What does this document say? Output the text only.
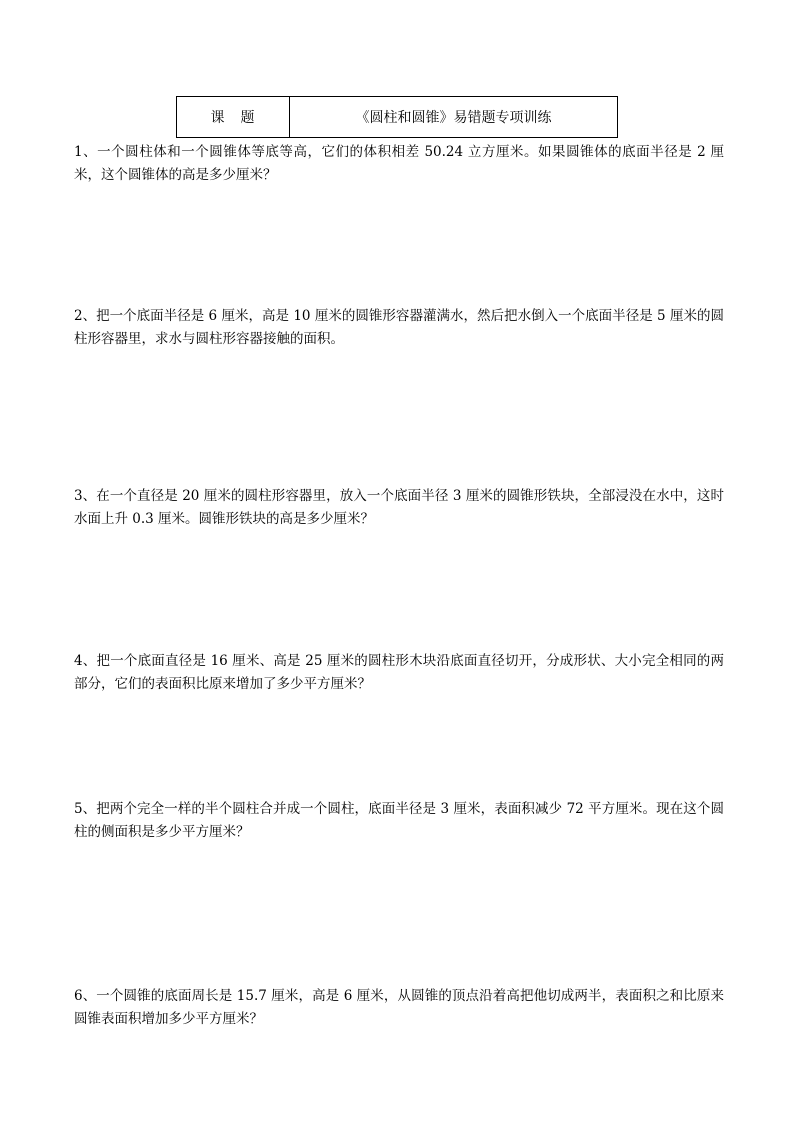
课　题	《圆柱和圆锥》易错题专项训练

1、一个圆柱体和一个圆锥体等底等高，它们的体积相差 50.24 立方厘米。如果圆锥体的底面半径是 2 厘米，这个圆锥体的高是多少厘米？

2、把一个底面半径是 6 厘米，高是 10 厘米的圆锥形容器灌满水，然后把水倒入一个底面半径是 5 厘米的圆柱形容器里，求水与圆柱形容器接触的面积。

3、在一个直径是 20 厘米的圆柱形容器里，放入一个底面半径 3 厘米的圆锥形铁块，全部浸没在水中，这时水面上升 0.3 厘米。圆锥形铁块的高是多少厘米？

4、把一个底面直径是 16 厘米、高是 25 厘米的圆柱形木块沿底面直径切开，分成形状、大小完全相同的两部分，它们的表面积比原来增加了多少平方厘米？

5、把两个完全一样的半个圆柱合并成一个圆柱，底面半径是 3 厘米，表面积减少 72 平方厘米。现在这个圆柱的侧面积是多少平方厘米？

6、一个圆锥的底面周长是 15.7 厘米，高是 6 厘米，从圆锥的顶点沿着高把他切成两半，表面积之和比原来圆锥表面积增加多少平方厘米？
